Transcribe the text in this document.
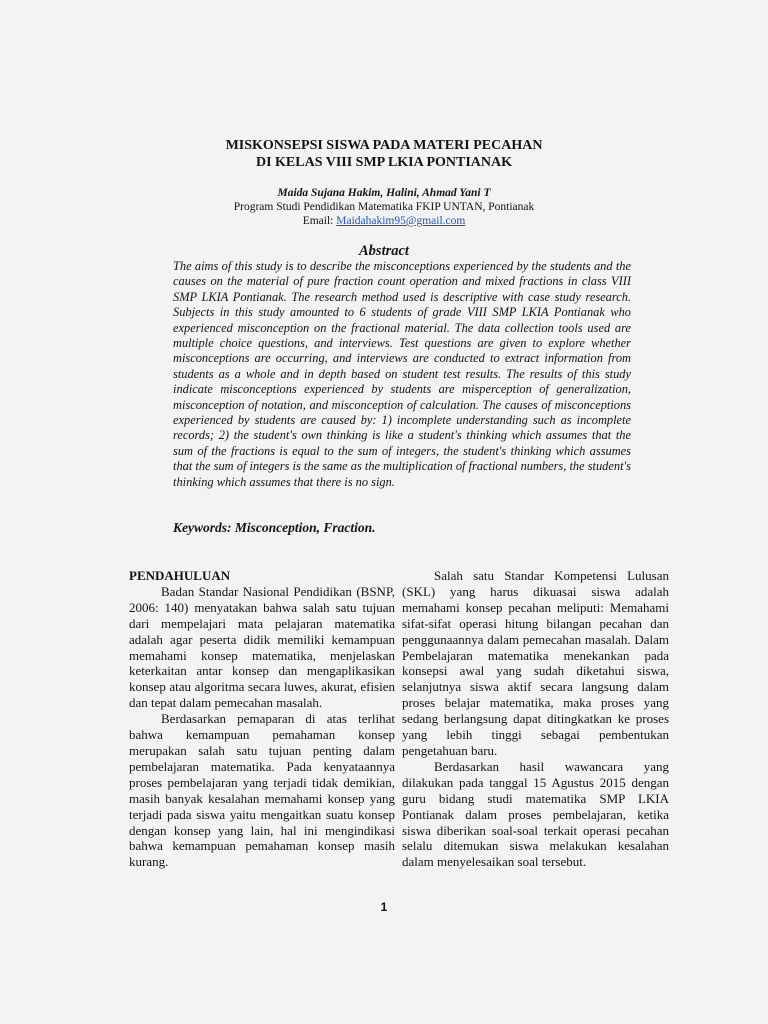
MISKONSEPSI SISWA PADA MATERI PECAHAN
DI KELAS VIII SMP LKIA PONTIANAK
Maida Sujana Hakim, Halini, Ahmad Yani T
Program Studi Pendidikan Matematika FKIP UNTAN, Pontianak
Email: Maidahakim95@gmail.com
Abstract
The aims of this study is to describe the misconceptions experienced by the students and the causes on the material of pure fraction count operation and mixed fractions in class VIII SMP LKIA Pontianak. The research method used is descriptive with case study research. Subjects in this study amounted to 6 students of grade VIII SMP LKIA Pontianak who experienced misconception on the fractional material. The data collection tools used are multiple choice questions, and interviews. Test questions are given to explore whether misconceptions are occurring, and interviews are conducted to extract information from students as a whole and in depth based on student test results. The results of this study indicate misconceptions experienced by students are misperception of generalization, misconception of notation, and misconception of calculation. The causes of misconceptions experienced by students are caused by: 1) incomplete understanding such as incomplete records; 2) the student's own thinking is like a student's thinking which assumes that the sum of the fractions is equal to the sum of integers, the student's thinking which assumes that the sum of integers is the same as the multiplication of fractional numbers, the student's thinking which assumes that there is no sign.
Keywords: Misconception, Fraction.
PENDAHULUAN

Badan Standar Nasional Pendidikan (BSNP, 2006: 140) menyatakan bahwa salah satu tujuan dari mempelajari mata pelajaran matematika adalah agar peserta didik memiliki kemampuan memahami konsep matematika, menjelaskan keterkaitan antar konsep dan mengaplikasikan konsep atau algoritma secara luwes, akurat, efisien dan tepat dalam pemecahan masalah.

Berdasarkan pemaparan di atas terlihat bahwa kemampuan pemahaman konsep merupakan salah satu tujuan penting dalam pembelajaran matematika. Pada kenyataannya proses pembelajaran yang terjadi tidak demikian, masih banyak kesalahan memahami konsep yang terjadi pada siswa yaitu mengaitkan suatu konsep dengan konsep yang lain, hal ini mengindikasi bahwa kemampuan pemahaman konsep masih kurang.

Salah satu Standar Kompetensi Lulusan (SKL) yang harus dikuasai siswa adalah memahami konsep pecahan meliputi: Memahami sifat-sifat operasi hitung bilangan pecahan dan penggunaannya dalam pemecahan masalah. Dalam Pembelajaran matematika menekankan pada konsepsi awal yang sudah diketahui siswa, selanjutnya siswa aktif secara langsung dalam proses belajar matematika, maka proses yang sedang berlangsung dapat ditingkatkan ke proses yang lebih tinggi sebagai pembentukan pengetahuan baru.

Berdasarkan hasil wawancara yang dilakukan pada tanggal 15 Agustus 2015 dengan guru bidang studi matematika SMP LKIA Pontianak dalam proses pembelajaran, ketika siswa diberikan soal-soal terkait operasi pecahan selalu ditemukan siswa melakukan kesalahan dalam menyelesaikan soal tersebut.

1
